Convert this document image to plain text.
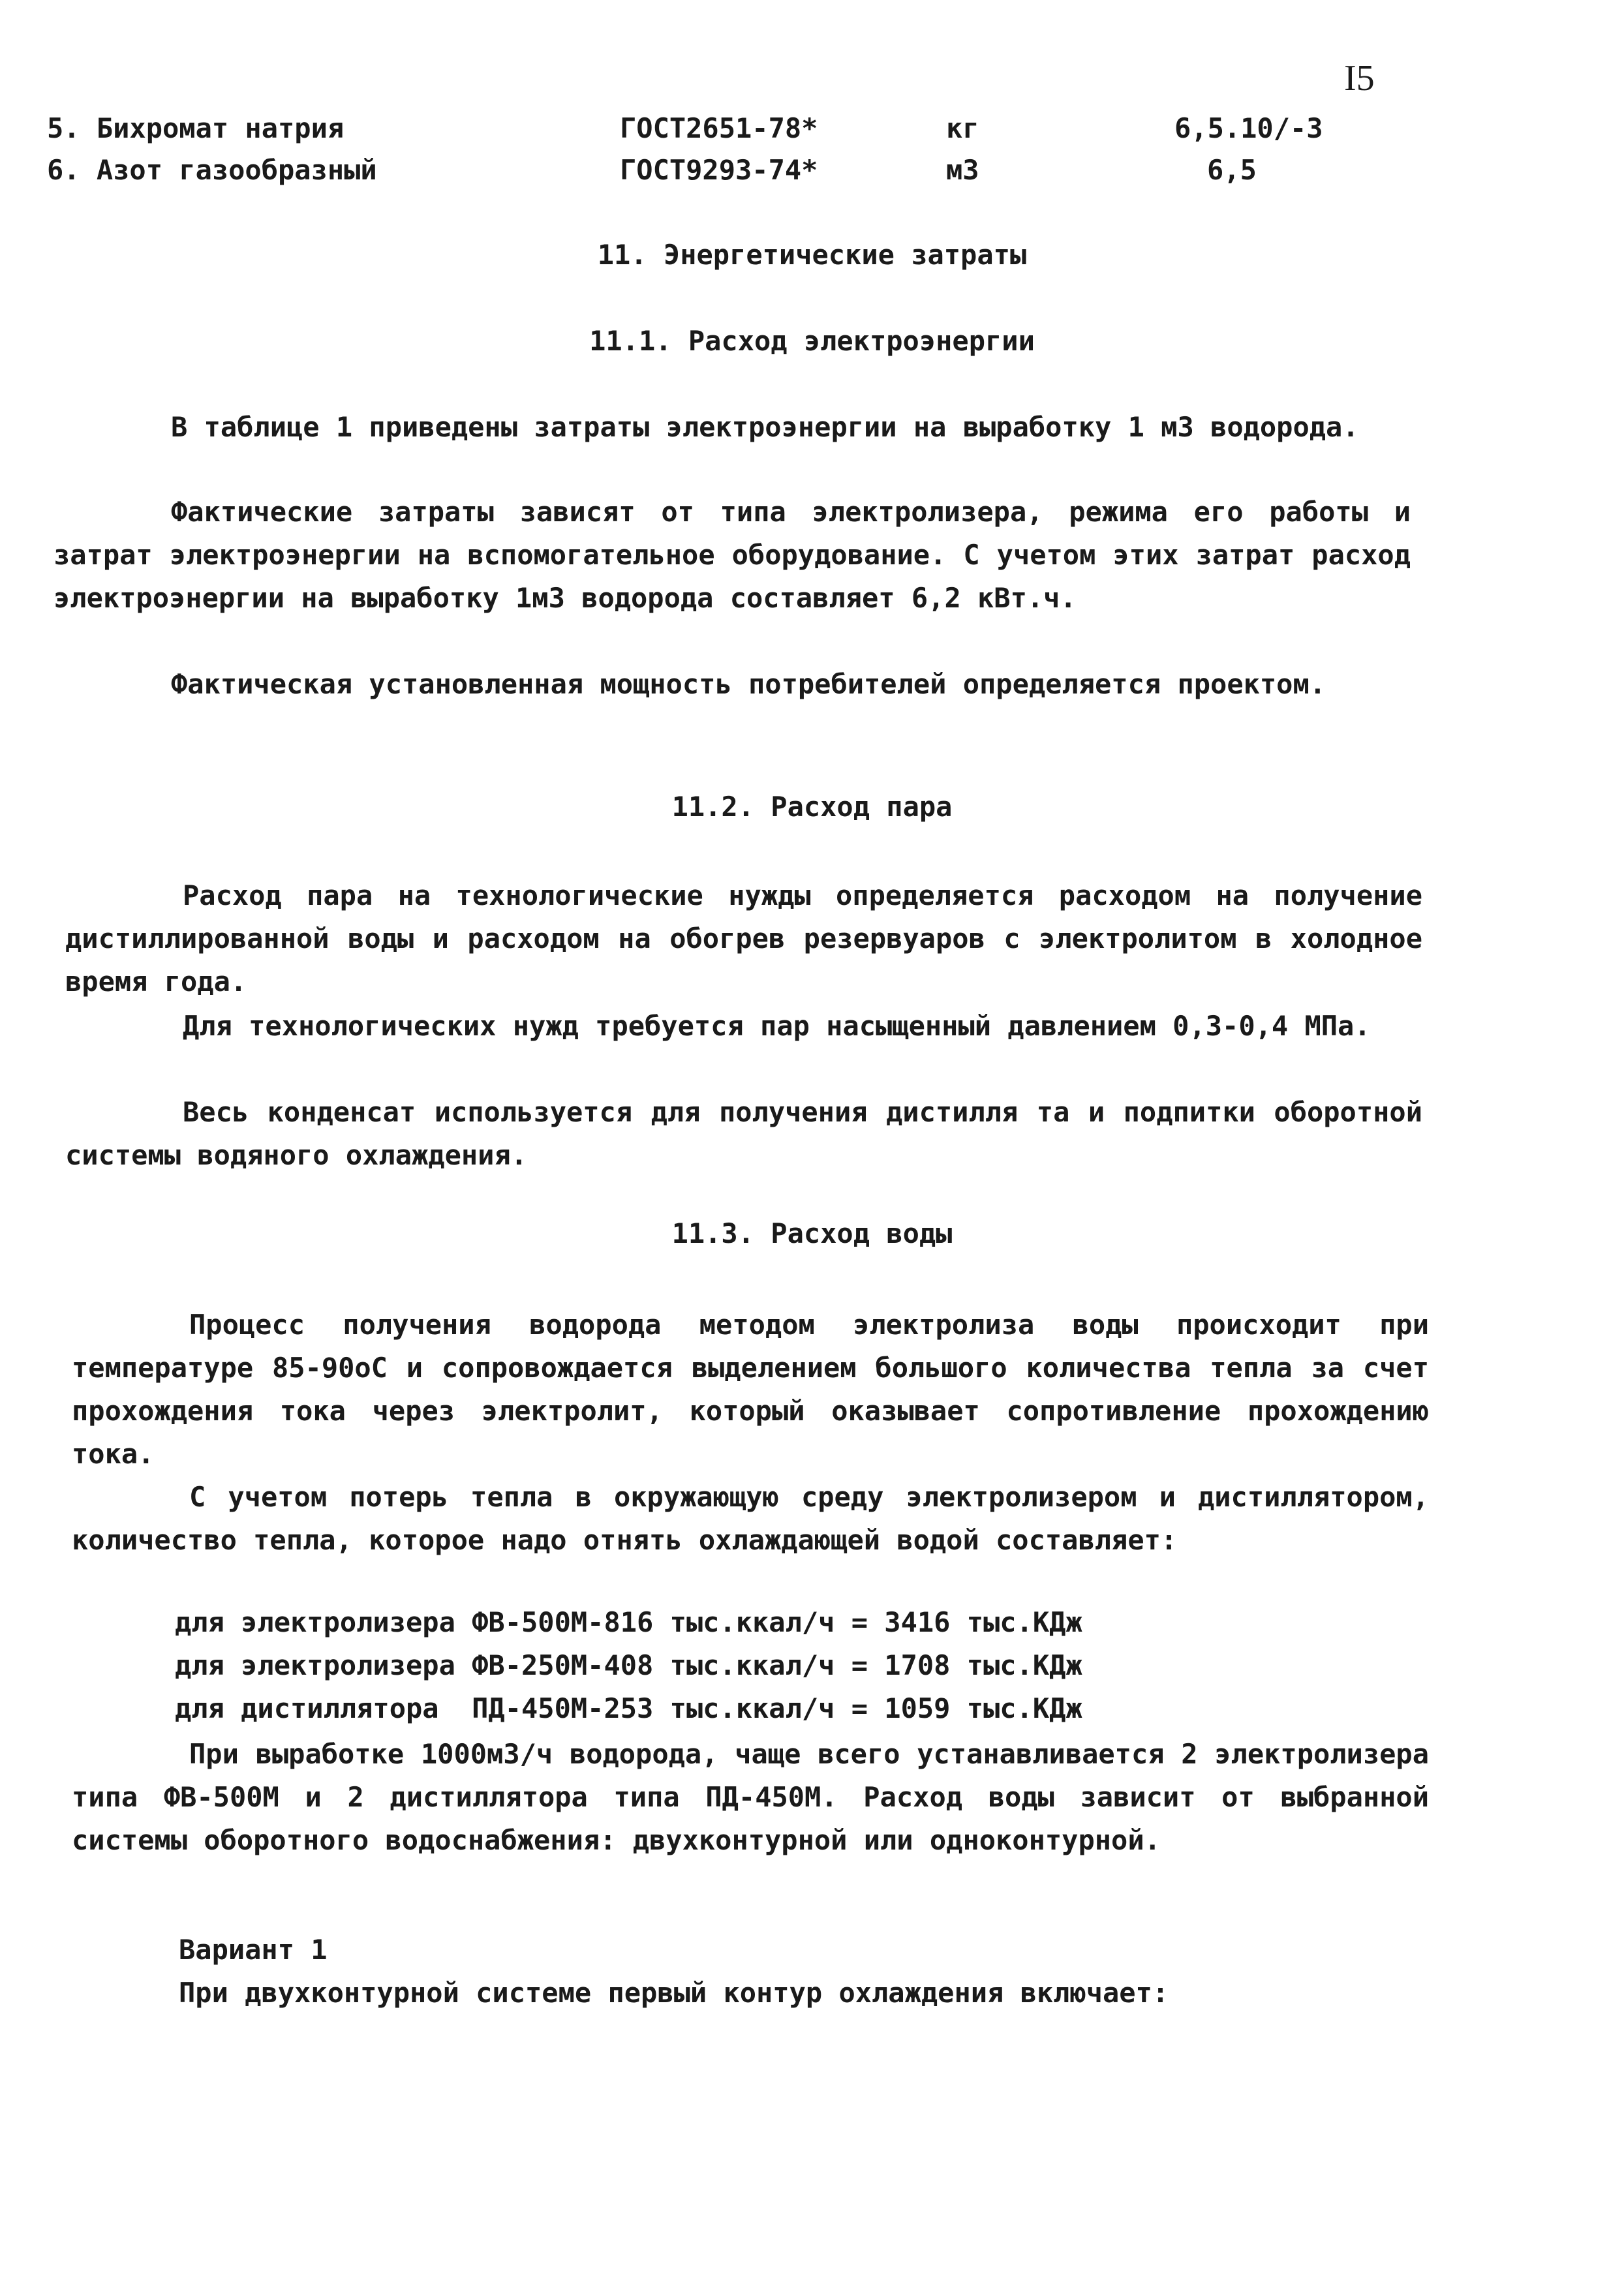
I5
5. Бихромат натрия	ГОСТ2651-78*	кг	6,5.10/-3
6. Азот газообразный	ГОСТ9293-74*	м3	6,5
11. Энергетические затраты
11.1. Расход электроэнергии
В таблице 1 приведены затраты электроэнергии на выработку 1 м3 водорода.
Фактические затраты зависят от типа электролизера, режима его работы и затрат электроэнергии на вспомогательное оборудование. С учетом этих затрат расход электроэнергии на выработку 1м3 водорода составляет 6,2 кВт.ч.
Фактическая установленная мощность потребителей определяется проектом.
11.2. Расход пара
Расход пара на технологические нужды определяется расходом на получение дистиллированной воды и расходом на обогрев резервуаров с электролитом в холодное время года.
Для технологических нужд требуется пар насыщенный давлением 0,3-0,4 МПа.
Весь конденсат используется для получения дистилля та и подпитки оборотной системы водяного охлаждения.
11.3. Расход воды
Процесс получения водорода методом электролиза воды происходит при температуре 85-90оС и сопровождается выделением большого количества тепла за счет прохождения тока через электролит, который оказывает сопротивление прохождению тока.
С учетом потерь тепла в окружающую среду электролизером и дистиллятором, количество тепла, которое надо отнять охлаждающей водой составляет:
для электролизера ФВ-500М-816 тыс.ккал/ч = 3416 тыс.КДж
для электролизера ФВ-250М-408 тыс.ккал/ч = 1708 тыс.КДж
для дистиллятора  ПД-450М-253 тыс.ккал/ч = 1059 тыс.КДж
При выработке 1000м3/ч водорода, чаще всего устанавливается 2 электролизера типа ФВ-500М и 2 дистиллятора типа ПД-450М. Расход воды зависит от выбранной системы оборотного водоснабжения: двухконтурной или одноконтурной.
Вариант 1
При двухконтурной системе первый контур охлаждения включает:
